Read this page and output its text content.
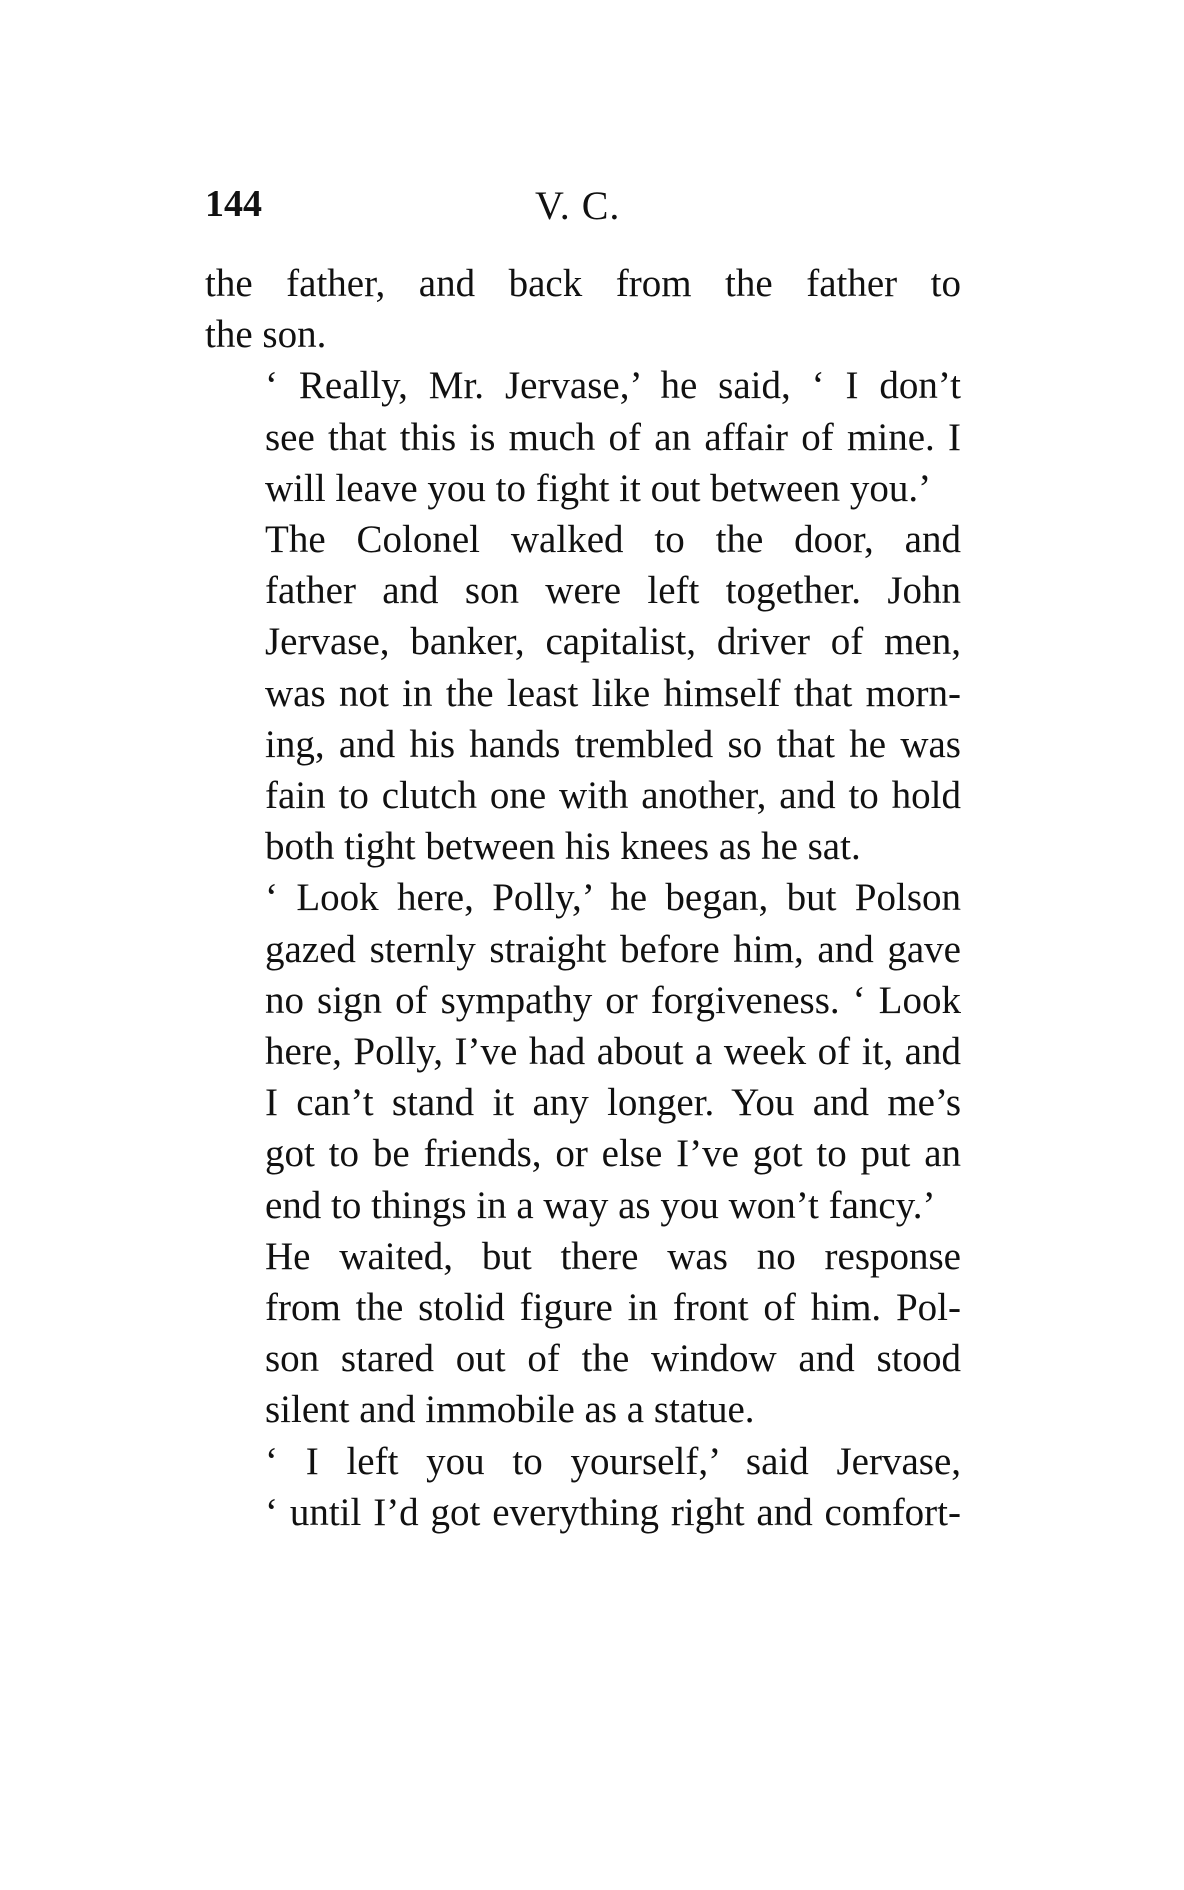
144	V. C.
the father, and back from the father to
the son.
‘ Really, Mr. Jervase,’ he said, ‘ I don’t
see that this is much of an affair of mine. I
will leave you to fight it out between you.’
The Colonel walked to the door, and
father and son were left together. John
Jervase, banker, capitalist, driver of men,
was not in the least like himself that morn-
ing, and his hands trembled so that he was
fain to clutch one with another, and to hold
both tight between his knees as he sat.
‘ Look here, Polly,’ he began, but Polson
gazed sternly straight before him, and gave
no sign of sympathy or forgiveness. ‘ Look
here, Polly, I’ve had about a week of it, and
I can’t stand it any longer. You and me’s
got to be friends, or else I’ve got to put an
end to things in a way as you won’t fancy.’
He waited, but there was no response
from the stolid figure in front of him. Pol-
son stared out of the window and stood
silent and immobile as a statue.
‘ I left you to yourself,’ said Jervase,
‘ until I’d got everything right and comfort-
